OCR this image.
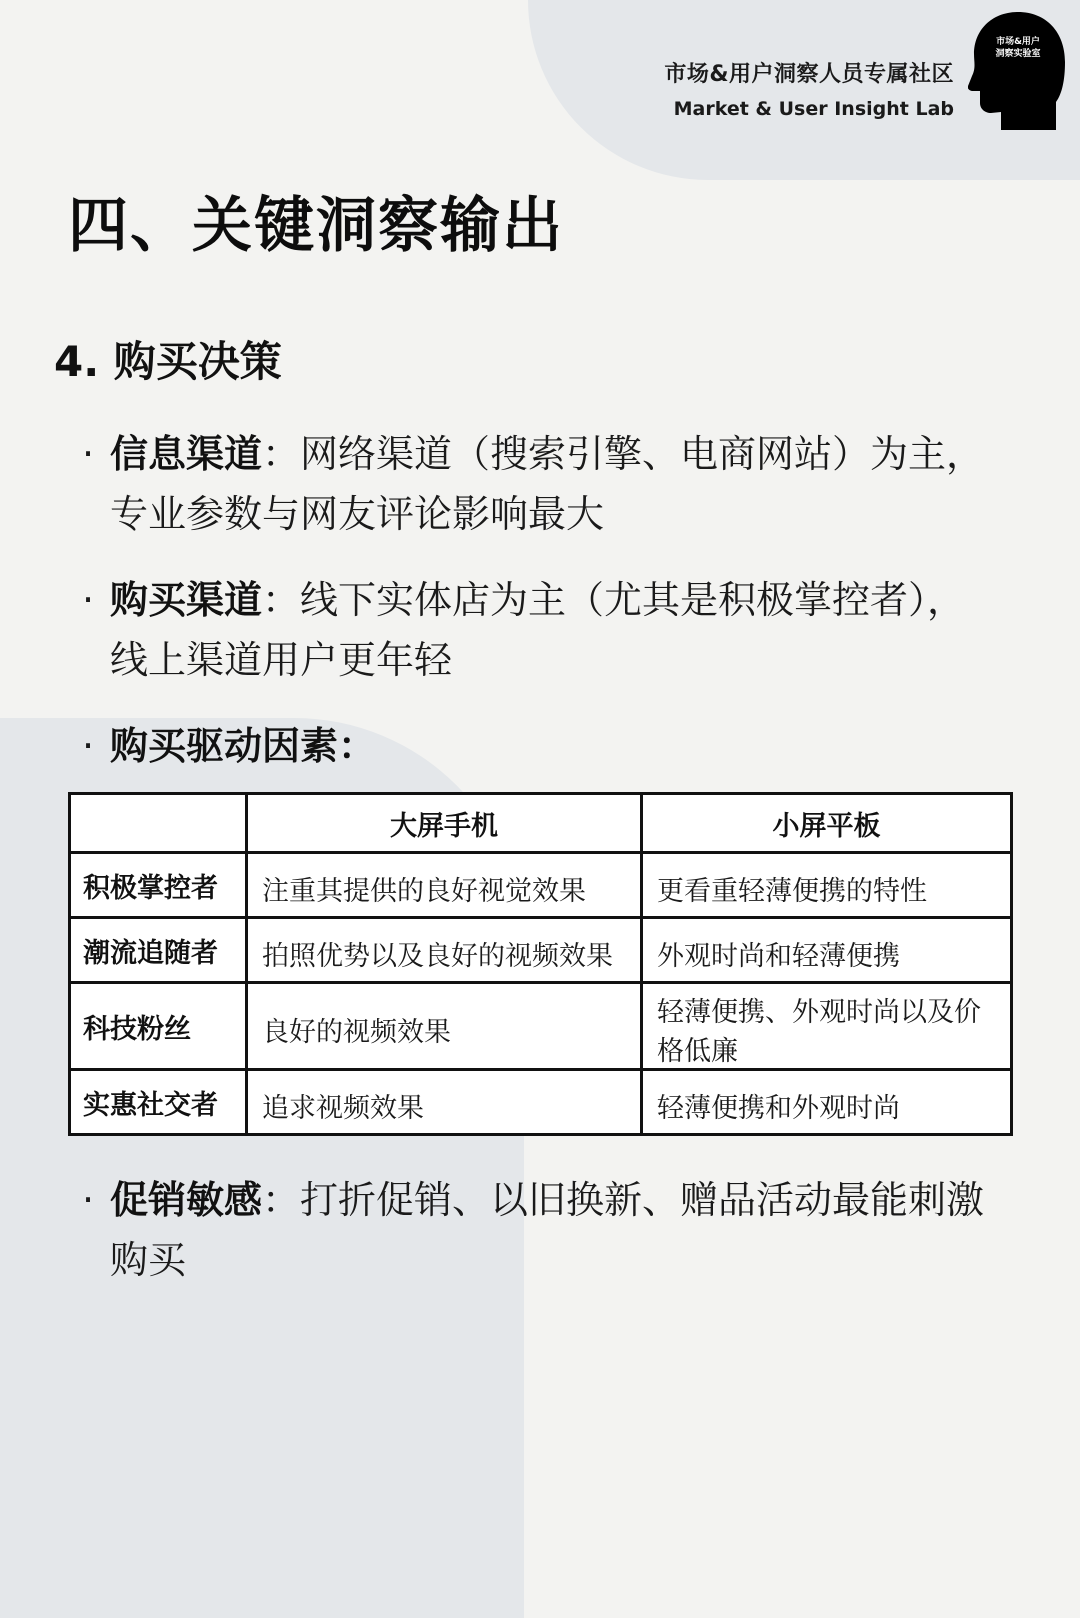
市场&用户洞察人员专属社区
Market & User Insight Lab
市场&用户
洞察实验室
四、关键洞察输出
4. 购买决策
· 信息渠道：网络渠道（搜索引擎、电商网站）为主，专业参数与网友评论影响最大
· 购买渠道：线下实体店为主（尤其是积极掌控者），线上渠道用户更年轻
· 购买驱动因素：
	大屏手机	小屏平板
积极掌控者	注重其提供的良好视觉效果	更看重轻薄便携的特性
潮流追随者	拍照优势以及良好的视频效果	外观时尚和轻薄便携
科技粉丝	良好的视频效果	轻薄便携、外观时尚以及价格低廉
实惠社交者	追求视频效果	轻薄便携和外观时尚
· 促销敏感：打折促销、以旧换新、赠品活动最能刺激购买
